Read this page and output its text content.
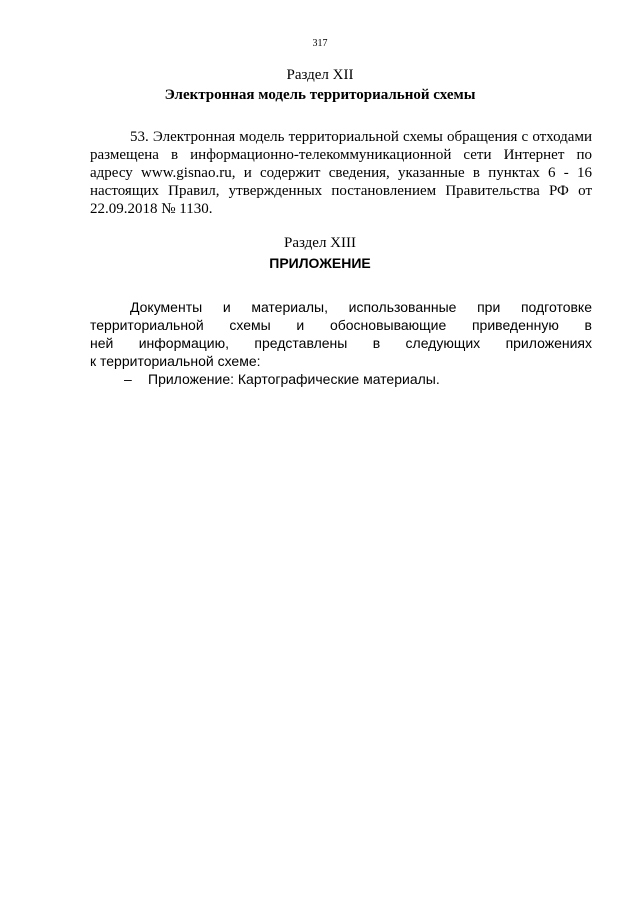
317
Раздел XII
Электронная модель территориальной схемы
53. Электронная модель территориальной схемы обращения с отходами
размещена в информационно-телекоммуникационной сети Интернет по
адресу www.gisnao.ru, и содержит сведения, указанные в пунктах 6 - 16
настоящих Правил, утвержденных постановлением Правительства РФ от
22.09.2018 № 1130.
Раздел XIII
ПРИЛОЖЕНИЕ
Документы и материалы, использованные при подготовке
территориальной схемы и обосновывающие приведенную в
ней информацию, представлены в следующих приложениях
к территориальной схеме:
– Приложение: Картографические материалы.
